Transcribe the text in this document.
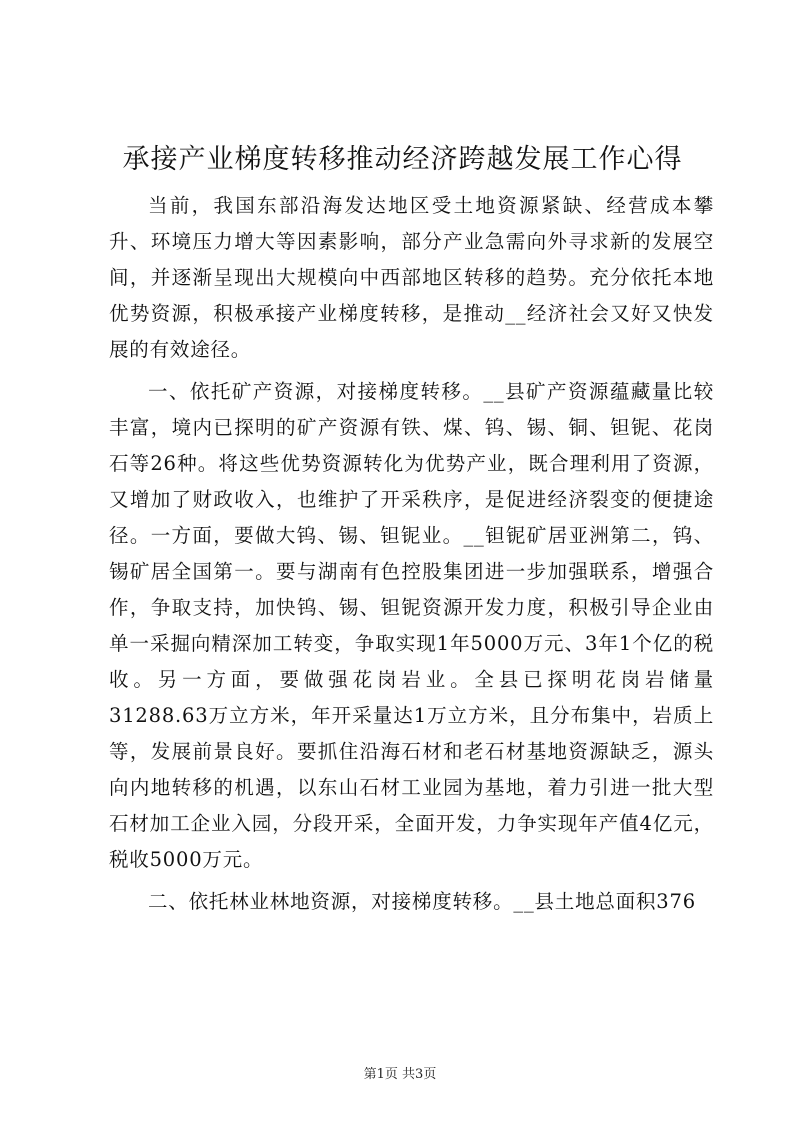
承接产业梯度转移推动经济跨越发展工作心得

当前，我国东部沿海发达地区受土地资源紧缺、经营成本攀升、环境压力增大等因素影响，部分产业急需向外寻求新的发展空间，并逐渐呈现出大规模向中西部地区转移的趋势。充分依托本地优势资源，积极承接产业梯度转移，是推动__经济社会又好又快发展的有效途径。

一、依托矿产资源，对接梯度转移。__县矿产资源蕴藏量比较丰富，境内已探明的矿产资源有铁、煤、钨、锡、铜、钽铌、花岗石等26种。将这些优势资源转化为优势产业，既合理利用了资源，又增加了财政收入，也维护了开采秩序，是促进经济裂变的便捷途径。一方面，要做大钨、锡、钽铌业。__钽铌矿居亚洲第二，钨、锡矿居全国第一。要与湖南有色控股集团进一步加强联系，增强合作，争取支持，加快钨、锡、钽铌资源开发力度，积极引导企业由单一采掘向精深加工转变，争取实现1年5000万元、3年1个亿的税收。另一方面，要做强花岗岩业。全县已探明花岗岩储量31288.63万立方米，年开采量达1万立方米，且分布集中，岩质上等，发展前景良好。要抓住沿海石材和老石材基地资源缺乏，源头向内地转移的机遇，以东山石材工业园为基地，着力引进一批大型石材加工企业入园，分段开采，全面开发，力争实现年产值4亿元，税收5000万元。

二、依托林业林地资源，对接梯度转移。__县土地总面积376

第1页 共3页
